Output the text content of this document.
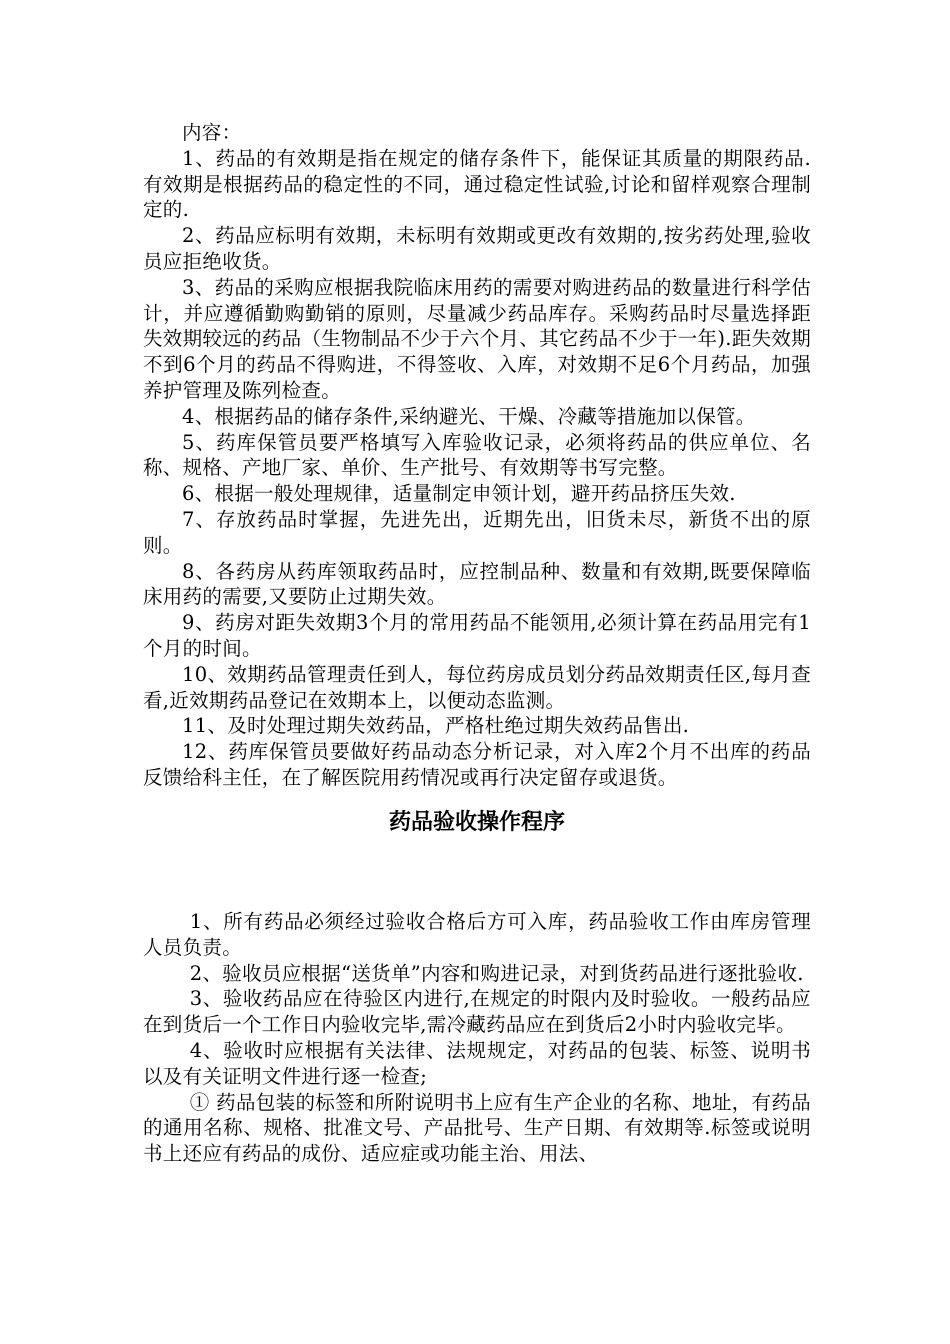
内容：

1、药品的有效期是指在规定的储存条件下，能保证其质量的期限药品.有效期是根据药品的稳定性的不同，通过稳定性试验,讨论和留样观察合理制定的.

2、药品应标明有效期，未标明有效期或更改有效期的,按劣药处理,验收员应拒绝收货。

3、药品的采购应根据我院临床用药的需要对购进药品的数量进行科学估计，并应遵循勤购勤销的原则，尽量减少药品库存。采购药品时尽量选择距失效期较远的药品（生物制品不少于六个月、其它药品不少于一年).距失效期不到6个月的药品不得购进，不得签收、入库，对效期不足6个月药品，加强养护管理及陈列检查。

4、根据药品的储存条件,采纳避光、干燥、冷藏等措施加以保管。

5、药库保管员要严格填写入库验收记录，必须将药品的供应单位、名称、规格、产地厂家、单价、生产批号、有效期等书写完整。

6、根据一般处理规律，适量制定申领计划，避开药品挤压失效.

7、存放药品时掌握，先进先出，近期先出，旧货未尽，新货不出的原则。

8、各药房从药库领取药品时，应控制品种、数量和有效期,既要保障临床用药的需要,又要防止过期失效。

9、药房对距失效期3个月的常用药品不能领用,必须计算在药品用完有1个月的时间。

10、效期药品管理责任到人，每位药房成员划分药品效期责任区,每月查看,近效期药品登记在效期本上，以便动态监测。

11、及时处理过期失效药品，严格杜绝过期失效药品售出.

12、药库保管员要做好药品动态分析记录，对入库2个月不出库的药品反馈给科主任，在了解医院用药情况或再行决定留存或退货。

药品验收操作程序

1、所有药品必须经过验收合格后方可入库，药品验收工作由库房管理人员负责。

2、验收员应根据“送货单”内容和购进记录，对到货药品进行逐批验收.

3、验收药品应在待验区内进行,在规定的时限内及时验收。一般药品应在到货后一个工作日内验收完毕,需冷藏药品应在到货后2小时内验收完毕。

4、验收时应根据有关法律、法规规定，对药品的包装、标签、说明书以及有关证明文件进行逐一检查;

① 药品包装的标签和所附说明书上应有生产企业的名称、地址，有药品的通用名称、规格、批准文号、产品批号、生产日期、有效期等.标签或说明书上还应有药品的成份、适应症或功能主治、用法、
